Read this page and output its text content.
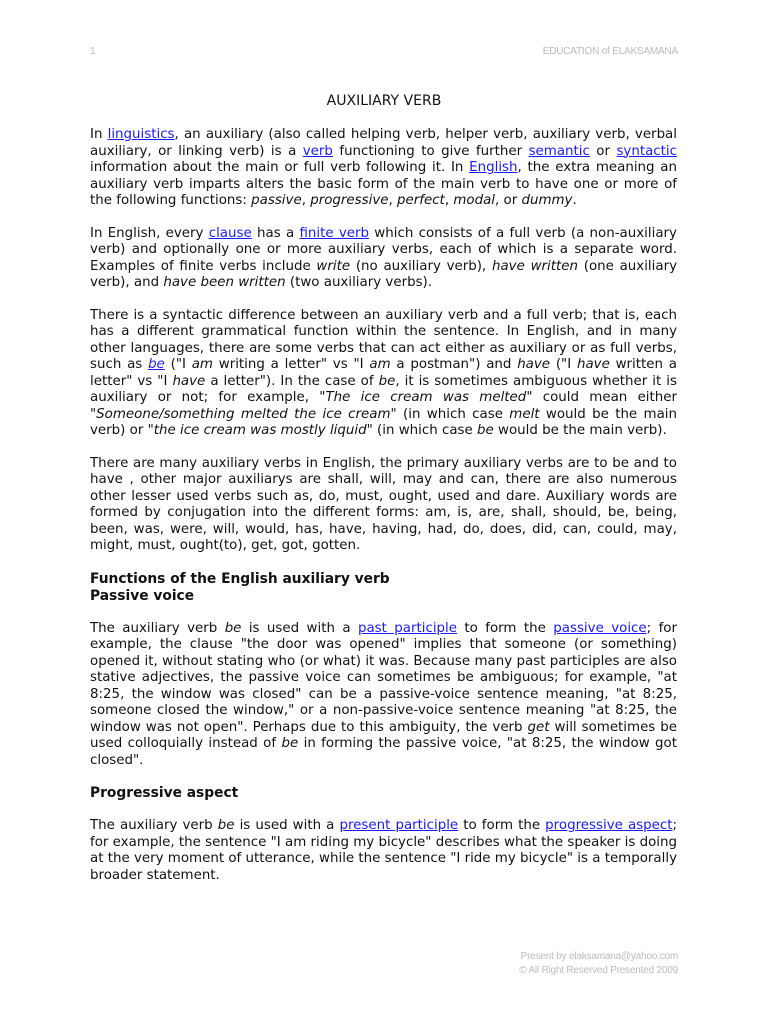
1	EDUCATION of ELAKSAMANA
AUXILIARY VERB

In linguistics, an auxiliary (also called helping verb, helper verb, auxiliary verb, verbal auxiliary, or linking verb) is a verb functioning to give further semantic or syntactic information about the main or full verb following it. In English, the extra meaning an auxiliary verb imparts alters the basic form of the main verb to have one or more of the following functions: passive, progressive, perfect, modal, or dummy.

In English, every clause has a finite verb which consists of a full verb (a non-auxiliary verb) and optionally one or more auxiliary verbs, each of which is a separate word. Examples of finite verbs include write (no auxiliary verb), have written (one auxiliary verb), and have been written (two auxiliary verbs).

There is a syntactic difference between an auxiliary verb and a full verb; that is, each has a different grammatical function within the sentence. In English, and in many other languages, there are some verbs that can act either as auxiliary or as full verbs, such as be ("I am writing a letter" vs "I am a postman") and have ("I have written a letter" vs "I have a letter"). In the case of be, it is sometimes ambiguous whether it is auxiliary or not; for example, "The ice cream was melted" could mean either "Someone/something melted the ice cream" (in which case melt would be the main verb) or "the ice cream was mostly liquid" (in which case be would be the main verb).

There are many auxiliary verbs in English, the primary auxiliary verbs are to be and to have , other major auxiliarys are shall, will, may and can, there are also numerous other lesser used verbs such as, do, must, ought, used and dare. Auxiliary words are formed by conjugation into the different forms: am, is, are, shall, should, be, being, been, was, were, will, would, has, have, having, had, do, does, did, can, could, may, might, must, ought(to), get, got, gotten.

Functions of the English auxiliary verb
Passive voice

The auxiliary verb be is used with a past participle to form the passive voice; for example, the clause "the door was opened" implies that someone (or something) opened it, without stating who (or what) it was. Because many past participles are also stative adjectives, the passive voice can sometimes be ambiguous; for example, "at 8:25, the window was closed" can be a passive-voice sentence meaning, "at 8:25, someone closed the window," or a non-passive-voice sentence meaning "at 8:25, the window was not open". Perhaps due to this ambiguity, the verb get will sometimes be used colloquially instead of be in forming the passive voice, "at 8:25, the window got closed".

Progressive aspect

The auxiliary verb be is used with a present participle to form the progressive aspect; for example, the sentence "I am riding my bicycle" describes what the speaker is doing at the very moment of utterance, while the sentence "I ride my bicycle" is a temporally broader statement.

Present by elaksamana@yahoo.com
© All Right Reserved Presented 2009
